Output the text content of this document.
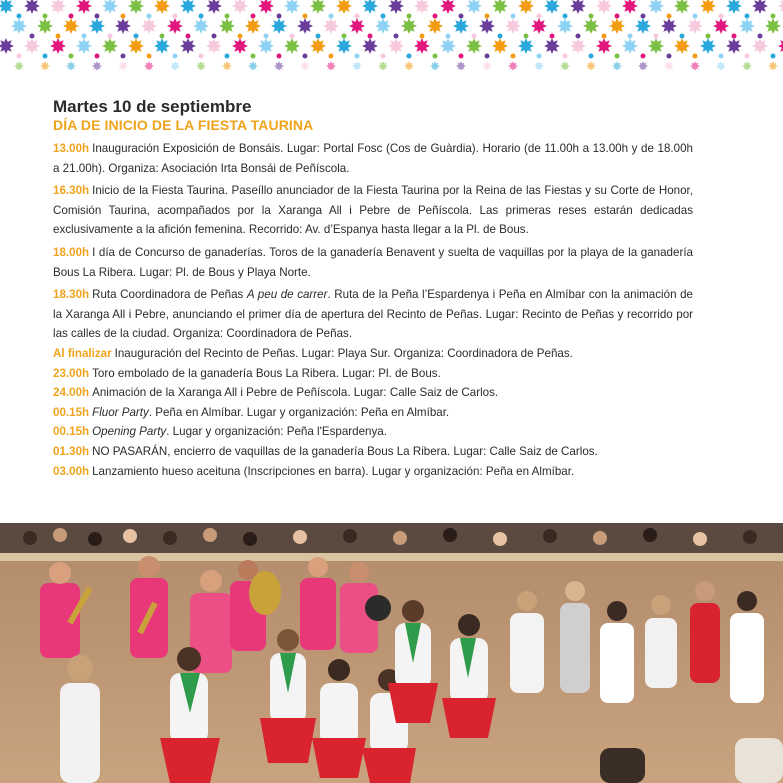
Martes 10 de septiembre
DÍA DE INICIO DE LA FIESTA TAURINA

13.00h Inauguración Exposición de Bonsáis. Lugar: Portal Fosc (Cos de Guàrdia). Horario (de 11.00h a 13.00h y de 18.00h a 21.00h). Organiza: Asociación Irta Bonsái de Peñíscola.

16.30h Inicio de la Fiesta Taurina. Paseíllo anunciador de la Fiesta Taurina por la Reina de las Fiestas y su Corte de Honor, Comisión Taurina, acompañados por la Xaranga All i Pebre de Peñíscola. Las primeras reses estarán dedicadas exclusivamente a la afición femenina. Recorrido: Av. d’Espanya hasta llegar a la Pl. de Bous.

18.00h I día de Concurso de ganaderías. Toros de la ganadería Benavent y suelta de vaquillas por la playa de la ganadería Bous La Ribera. Lugar: Pl. de Bous y Playa Norte.

18.30h Ruta Coordinadora de Peñas A peu de carrer. Ruta de la Peña l’Espardenya i Peña en Almíbar con la animación de la Xaranga All i Pebre, anunciando el primer día de apertura del Recinto de Peñas. Lugar: Recinto de Peñas y recorrido por las calles de la ciudad. Organiza: Coordinadora de Peñas.

Al finalizar Inauguración del Recinto de Peñas. Lugar: Playa Sur. Organiza: Coordinadora de Peñas.

23.00h Toro embolado de la ganadería Bous La Ribera. Lugar: Pl. de Bous.

24.00h Animación de la Xaranga All i Pebre de Peñíscola. Lugar: Calle Saiz de Carlos.

00.15h Fluor Party. Peña en Almíbar. Lugar y organización: Peña en Almíbar.

00.15h Opening Party. Lugar y organización: Peña l'Espardenya.

01.30h NO PASARÁN, encierro de vaquillas de la ganadería Bous La Ribera. Lugar: Calle Saiz de Carlos.

03.00h Lanzamiento hueso aceituna (Inscripciones en barra). Lugar y organización: Peña en Almíbar.
